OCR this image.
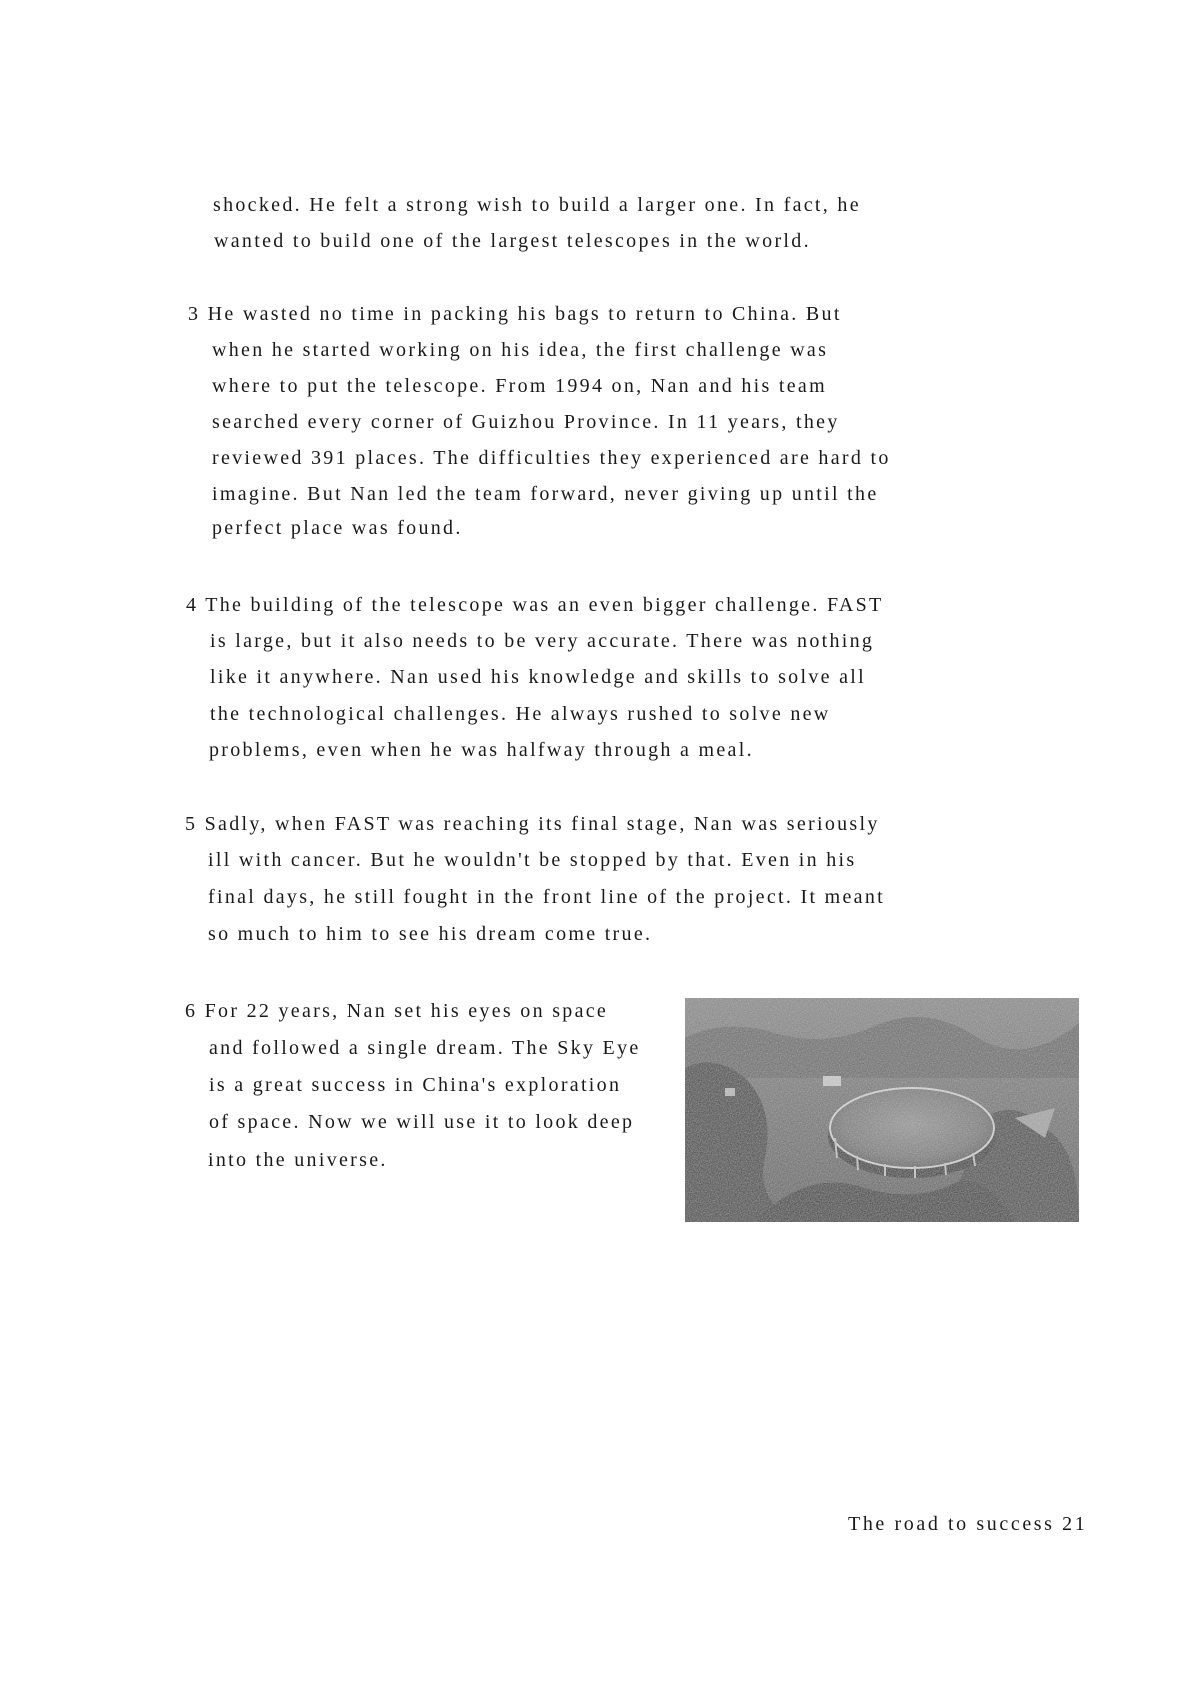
shocked. He felt a strong wish to build a larger one. In fact, he
wanted to build one of the largest telescopes in the world.
3 He wasted no time in packing his bags to return to China. But
when he started working on his idea, the first challenge was
where to put the telescope. From 1994 on, Nan and his team
searched every corner of Guizhou Province. In 11 years, they
reviewed 391 places. The difficulties they experienced are hard to
imagine. But Nan led the team forward, never giving up until the
perfect place was found.
4 The building of the telescope was an even bigger challenge. FAST
is large, but it also needs to be very accurate. There was nothing
like it anywhere. Nan used his knowledge and skills to solve all
the technological challenges. He always rushed to solve new
problems, even when he was halfway through a meal.
5 Sadly, when FAST was reaching its final stage, Nan was seriously
ill with cancer. But he wouldn't be stopped by that. Even in his
final days, he still fought in the front line of the project. It meant
so much to him to see his dream come true.
6 For 22 years, Nan set his eyes on space
and followed a single dream. The Sky Eye
is a great success in China's exploration
of space. Now we will use it to look deep
into the universe.
The road to success 21
